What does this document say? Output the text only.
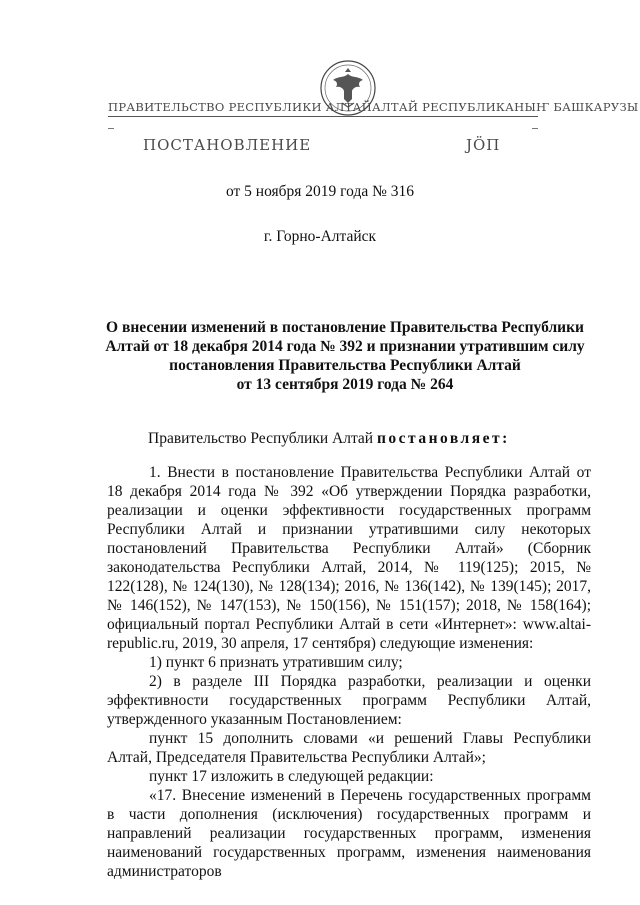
ПРАВИТЕЛЬСТВО РЕСПУБЛИКИ АЛТАЙ АЛТАЙ РЕСПУБЛИКАНЫҤ БАШКАРУЗЫ
ПОСТАНОВЛЕНИЕ	ЈӦП
от 5 ноября 2019 года № 316
г. Горно-Алтайск
О внесении изменений в постановление Правительства Республики
Алтай от 18 декабря 2014 года № 392 и признании утратившим силу
постановления Правительства Республики Алтай
от 13 сентября 2019 года № 264
Правительство Республики Алтай постановляет:

1. Внести в постановление Правительства Республики Алтай от 18 декабря 2014 года № 392 «Об утверждении Порядка разработки, реализации и оценки эффективности государственных программ Республики Алтай и признании утратившими силу некоторых постановлений Правительства Республики Алтай» (Сборник законодательства Республики Алтай, 2014, № 119(125); 2015, № 122(128), № 124(130), № 128(134); 2016, № 136(142), № 139(145); 2017, № 146(152), № 147(153), № 150(156), № 151(157); 2018, № 158(164); официальный портал Республики Алтай в сети «Интернет»: www.altai-republic.ru, 2019, 30 апреля, 17 сентября) следующие изменения:

1) пункт 6 признать утратившим силу;

2) в разделе III Порядка разработки, реализации и оценки эффективности государственных программ Республики Алтай, утвержденного указанным Постановлением:

пункт 15 дополнить словами «и решений Главы Республики Алтай, Председателя Правительства Республики Алтай»;

пункт 17 изложить в следующей редакции:

«17. Внесение изменений в Перечень государственных программ в части дополнения (исключения) государственных программ и направлений реализации государственных программ, изменения наименований государственных программ, изменения наименования администраторов
